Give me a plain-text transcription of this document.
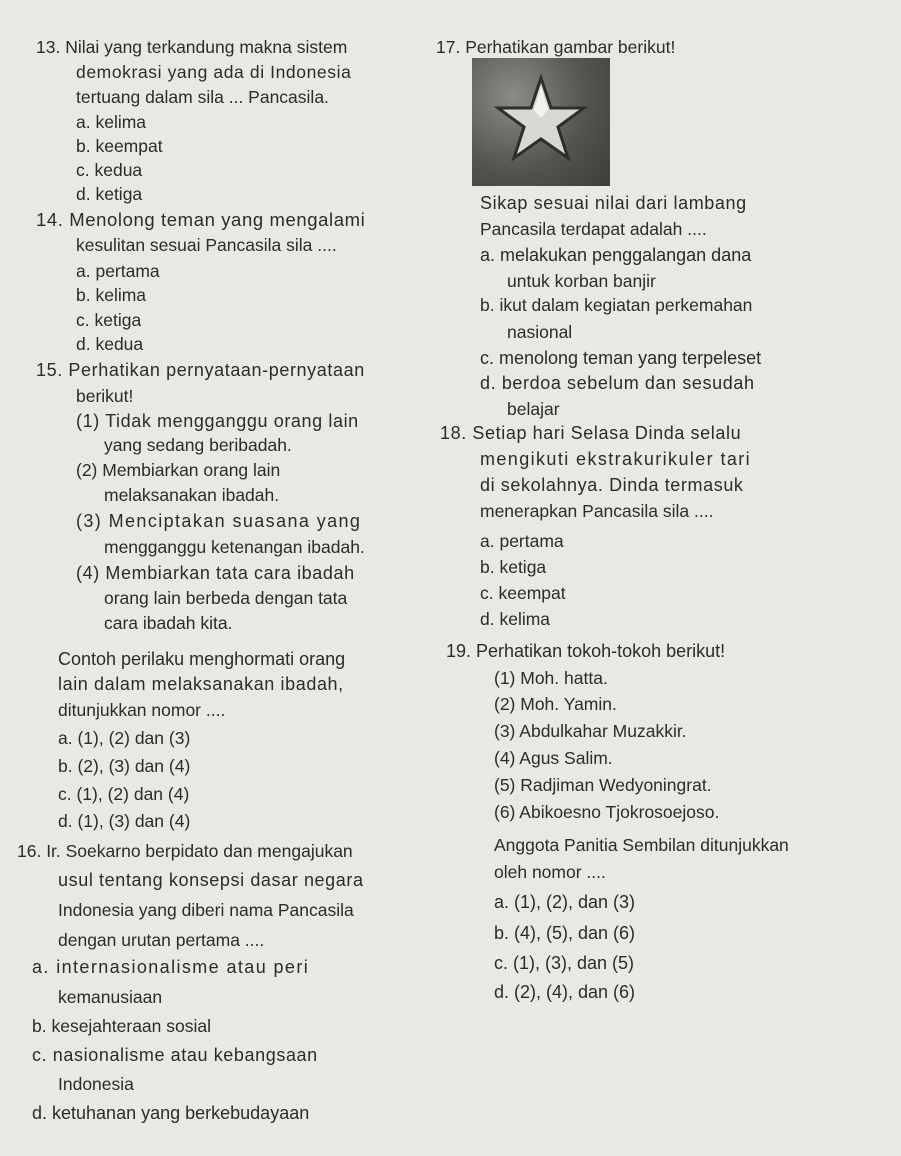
13. Nilai yang terkandung makna sistem
demokrasi yang ada di Indonesia
tertuang dalam sila ... Pancasila.
a. kelima
b. keempat
c. kedua
d. ketiga
14. Menolong teman yang mengalami
kesulitan sesuai Pancasila sila ....
a. pertama
b. kelima
c. ketiga
d. kedua
15. Perhatikan pernyataan-pernyataan
berikut!
(1) Tidak mengganggu orang lain
yang sedang beribadah.
(2) Membiarkan orang lain
melaksanakan ibadah.
(3) Menciptakan suasana yang
mengganggu ketenangan ibadah.
(4) Membiarkan tata cara ibadah
orang lain berbeda dengan tata
cara ibadah kita.
Contoh perilaku menghormati orang
lain dalam melaksanakan ibadah,
ditunjukkan nomor ....
a. (1), (2) dan (3)
b. (2), (3) dan (4)
c. (1), (2) dan (4)
d. (1), (3) dan (4)
16. Ir. Soekarno berpidato dan mengajukan
usul tentang konsepsi dasar negara
Indonesia yang diberi nama Pancasila
dengan urutan pertama ....
a. internasionalisme atau peri
kemanusiaan
b. kesejahteraan sosial
c. nasionalisme atau kebangsaan
Indonesia
d. ketuhanan yang berkebudayaan
17. Perhatikan gambar berikut!
Sikap sesuai nilai dari lambang
Pancasila terdapat adalah ....
a. melakukan penggalangan dana
untuk korban banjir
b. ikut dalam kegiatan perkemahan
nasional
c. menolong teman yang terpeleset
d. berdoa sebelum dan sesudah
belajar
18. Setiap hari Selasa Dinda selalu
mengikuti ekstrakurikuler tari
di sekolahnya. Dinda termasuk
menerapkan Pancasila sila ....
a. pertama
b. ketiga
c. keempat
d. kelima
19. Perhatikan tokoh-tokoh berikut!
(1) Moh. hatta.
(2) Moh. Yamin.
(3) Abdulkahar Muzakkir.
(4) Agus Salim.
(5) Radjiman Wedyoningrat.
(6) Abikoesno Tjokrosoejoso.
Anggota Panitia Sembilan ditunjukkan
oleh nomor ....
a. (1), (2), dan (3)
b. (4), (5), dan (6)
c. (1), (3), dan (5)
d. (2), (4), dan (6)
